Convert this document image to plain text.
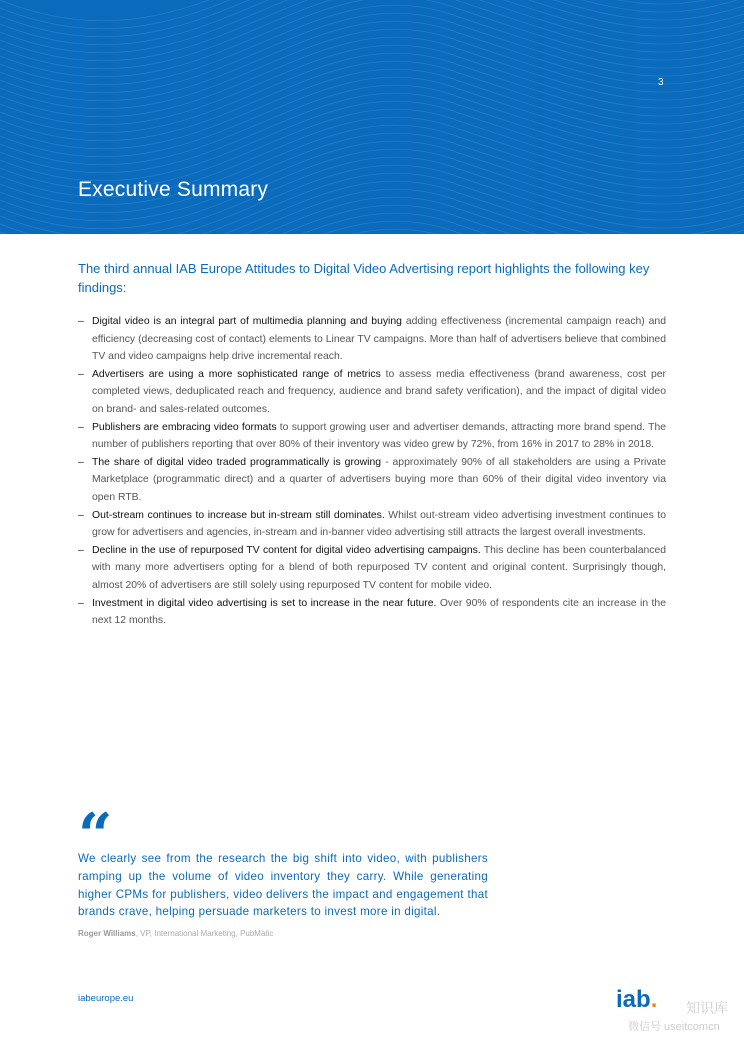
3
Executive Summary
The third annual IAB Europe Attitudes to Digital Video Advertising report highlights the following key findings:
– Digital video is an integral part of multimedia planning and buying adding effectiveness (incremental campaign reach) and efficiency (decreasing cost of contact) elements to Linear TV campaigns. More than half of advertisers believe that combined TV and video campaigns help drive incremental reach.
– Advertisers are using a more sophisticated range of metrics to assess media effectiveness (brand awareness, cost per completed views, deduplicated reach and frequency, audience and brand safety verification), and the impact of digital video on brand- and sales-related outcomes.
– Publishers are embracing video formats to support growing user and advertiser demands, attracting more brand spend. The number of publishers reporting that over 80% of their inventory was video grew by 72%, from 16% in 2017 to 28% in 2018.
– The share of digital video traded programmatically is growing - approximately 90% of all stakeholders are using a Private Marketplace (programmatic direct) and a quarter of advertisers buying more than 60% of their digital video inventory via open RTB.
– Out-stream continues to increase but in-stream still dominates. Whilst out-stream video advertising investment continues to grow for advertisers and agencies, in-stream and in-banner video advertising still attracts the largest overall investments.
– Decline in the use of repurposed TV content for digital video advertising campaigns. This decline has been counterbalanced with many more advertisers opting for a blend of both repurposed TV content and original content. Surprisingly though, almost 20% of advertisers are still solely using repurposed TV content for mobile video.
– Investment in digital video advertising is set to increase in the near future. Over 90% of respondents cite an increase in the next 12 months.
“
We clearly see from the research the big shift into video, with publishers ramping up the volume of video inventory they carry. While generating higher CPMs for publishers, video delivers the impact and engagement that brands crave, helping persuade marketers to invest more in digital.
Roger Williams, VP, International Marketing, PubMatic
iabeurope.eu	iab. 知识库
微信号 useitcomcn
